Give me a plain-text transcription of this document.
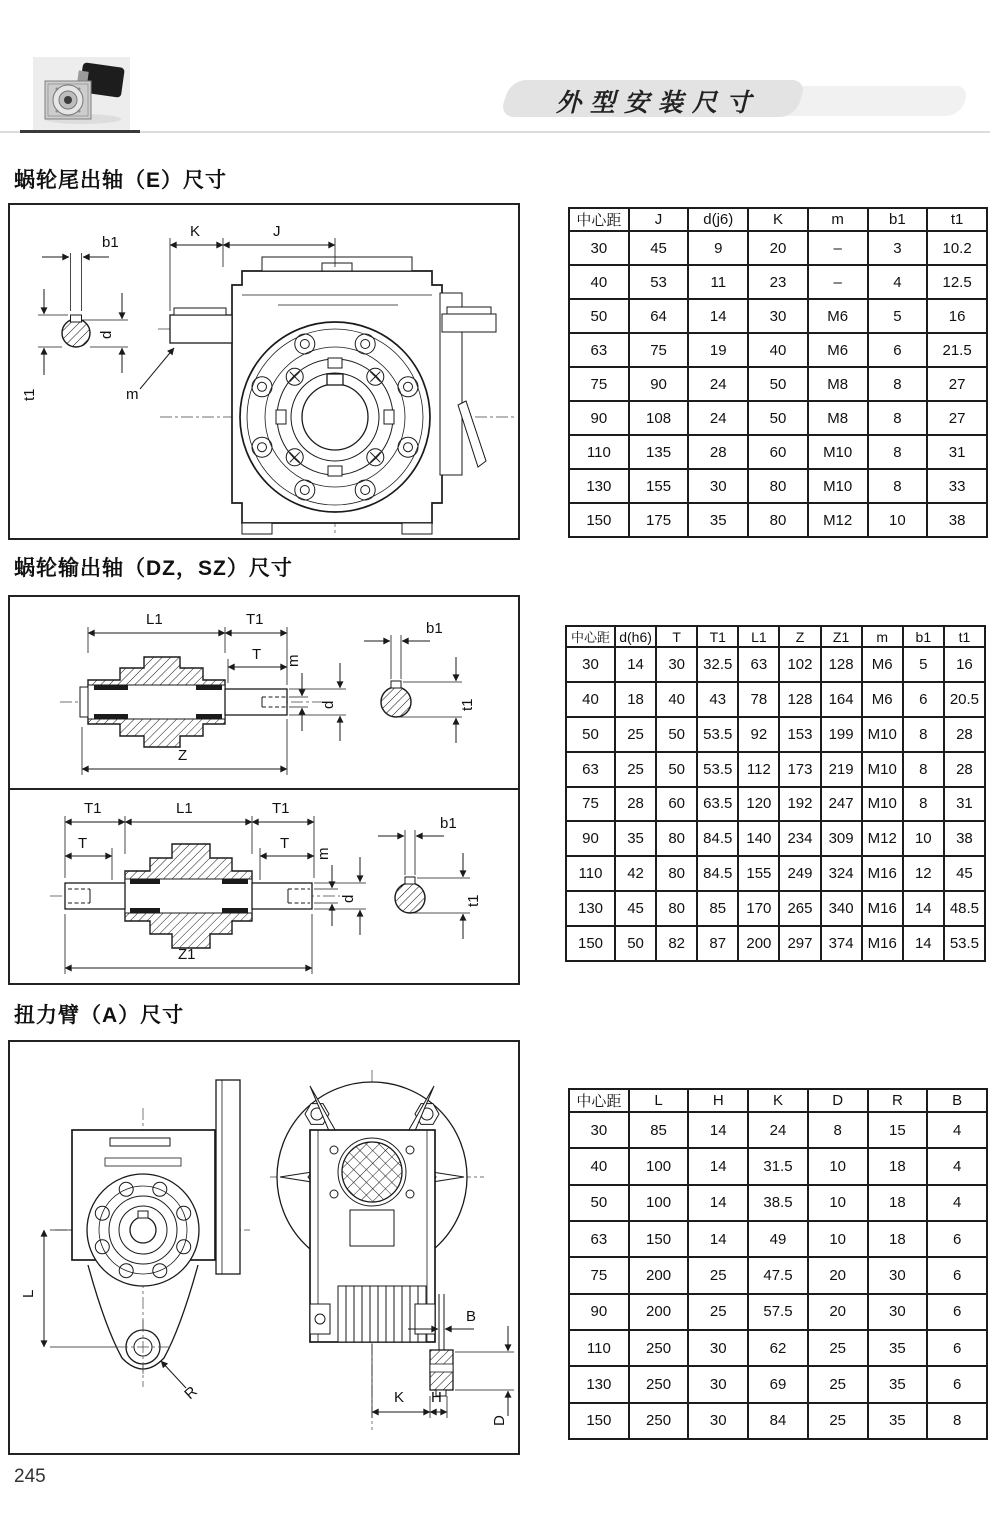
外型安装尺寸
蜗轮尾出轴（E）尺寸
b1
t1
d
m
K	J
中心距	J	d(j6)	K	m	b1	t1
30	45	9	20	–	3	10.2
40	53	11	23	–	4	12.5
50	64	14	30	M6	5	16
63	75	19	40	M6	6	21.5
75	90	24	50	M8	8	27
90	108	24	50	M8	8	27
110	135	28	60	M10	8	31
130	155	30	80	M10	8	33
150	175	35	80	M12	10	38
蜗轮输出轴（DZ，SZ）尺寸
L1	T1
T m
d
Z
b1
t1
T1	L1	T1
T	T
m
d
Z1
b1
t1
中心距	d(h6)	T	T1	L1	Z	Z1	m	b1	t1
30	14	30	32.5	63	102	128	M6	5	16
40	18	40	43	78	128	164	M6	6	20.5
50	25	50	53.5	92	153	199	M10	8	28
63	25	50	53.5	112	173	219	M10	8	28
75	28	60	63.5	120	192	247	M10	8	31
90	35	80	84.5	140	234	309	M12	10	38
110	42	80	84.5	155	249	324	M16	12	45
130	45	80	85	170	265	340	M16	14	48.5
150	50	82	87	200	297	374	M16	14	53.5
扭力臂（A）尺寸
L
R
B
D
K H
中心距	L	H	K	D	R	B
30	85	14	24	8	15	4
40	100	14	31.5	10	18	4
50	100	14	38.5	10	18	4
63	150	14	49	10	18	6
75	200	25	47.5	20	30	6
90	200	25	57.5	20	30	6
110	250	30	62	25	35	6
130	250	30	69	25	35	6
150	250	30	84	25	35	8
245
